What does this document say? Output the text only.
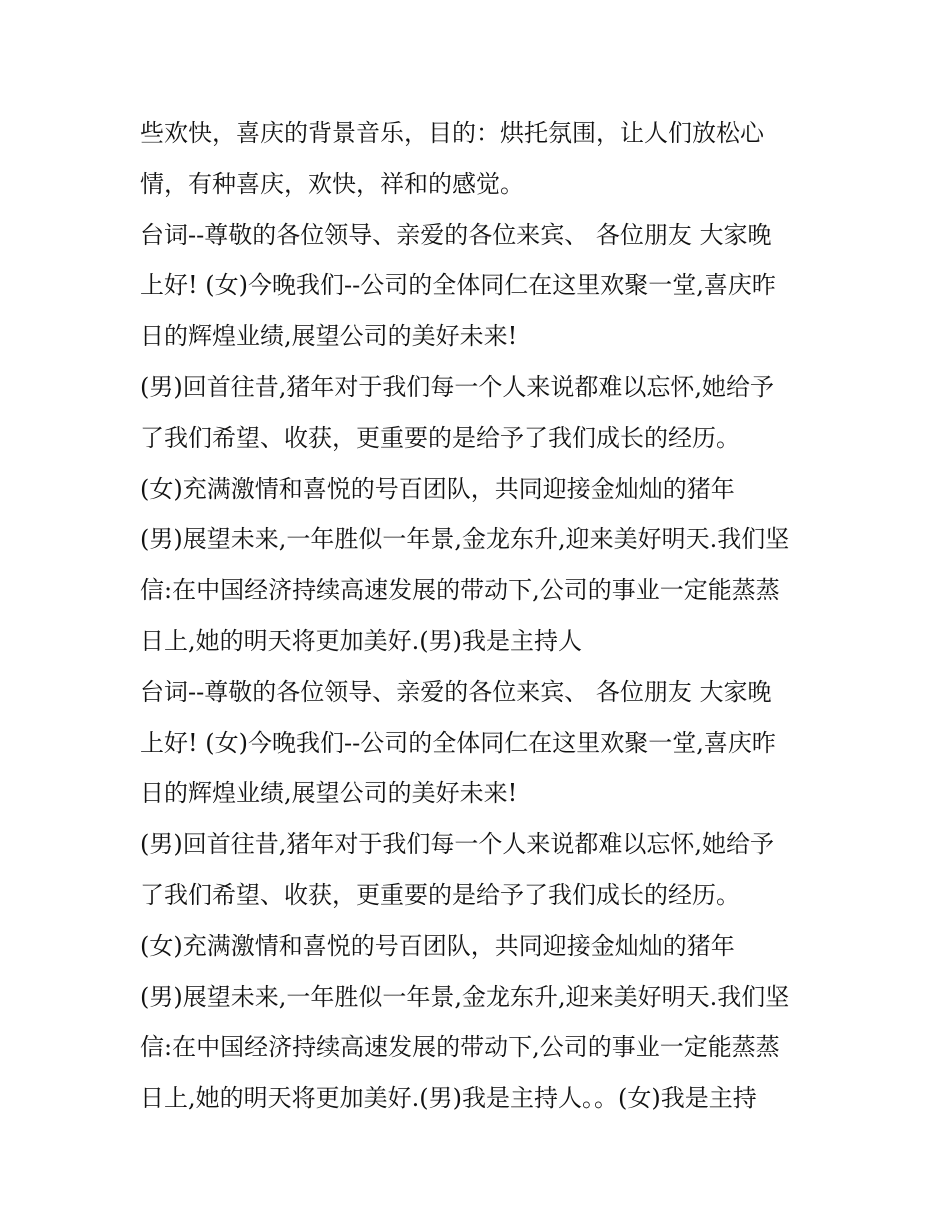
些欢快，喜庆的背景音乐，目的：烘托氛围，让人们放松心
情，有种喜庆，欢快，祥和的感觉。
台词--尊敬的各位领导、亲爱的各位来宾、 各位朋友 大家晚
上好! (女)今晚我们--公司的全体同仁在这里欢聚一堂,喜庆昨
日的辉煌业绩,展望公司的美好未来!
(男)回首往昔,猪年对于我们每一个人来说都难以忘怀,她给予
了我们希望、收获，更重要的是给予了我们成长的经历。
(女)充满激情和喜悦的号百团队，共同迎接金灿灿的猪年
(男)展望未来,一年胜似一年景,金龙东升,迎来美好明天.我们坚
信:在中国经济持续高速发展的带动下,公司的事业一定能蒸蒸
日上,她的明天将更加美好.(男)我是主持人
台词--尊敬的各位领导、亲爱的各位来宾、 各位朋友 大家晚
上好! (女)今晚我们--公司的全体同仁在这里欢聚一堂,喜庆昨
日的辉煌业绩,展望公司的美好未来!
(男)回首往昔,猪年对于我们每一个人来说都难以忘怀,她给予
了我们希望、收获，更重要的是给予了我们成长的经历。
(女)充满激情和喜悦的号百团队，共同迎接金灿灿的猪年
(男)展望未来,一年胜似一年景,金龙东升,迎来美好明天.我们坚
信:在中国经济持续高速发展的带动下,公司的事业一定能蒸蒸
日上,她的明天将更加美好.(男)我是主持人。。(女)我是主持
